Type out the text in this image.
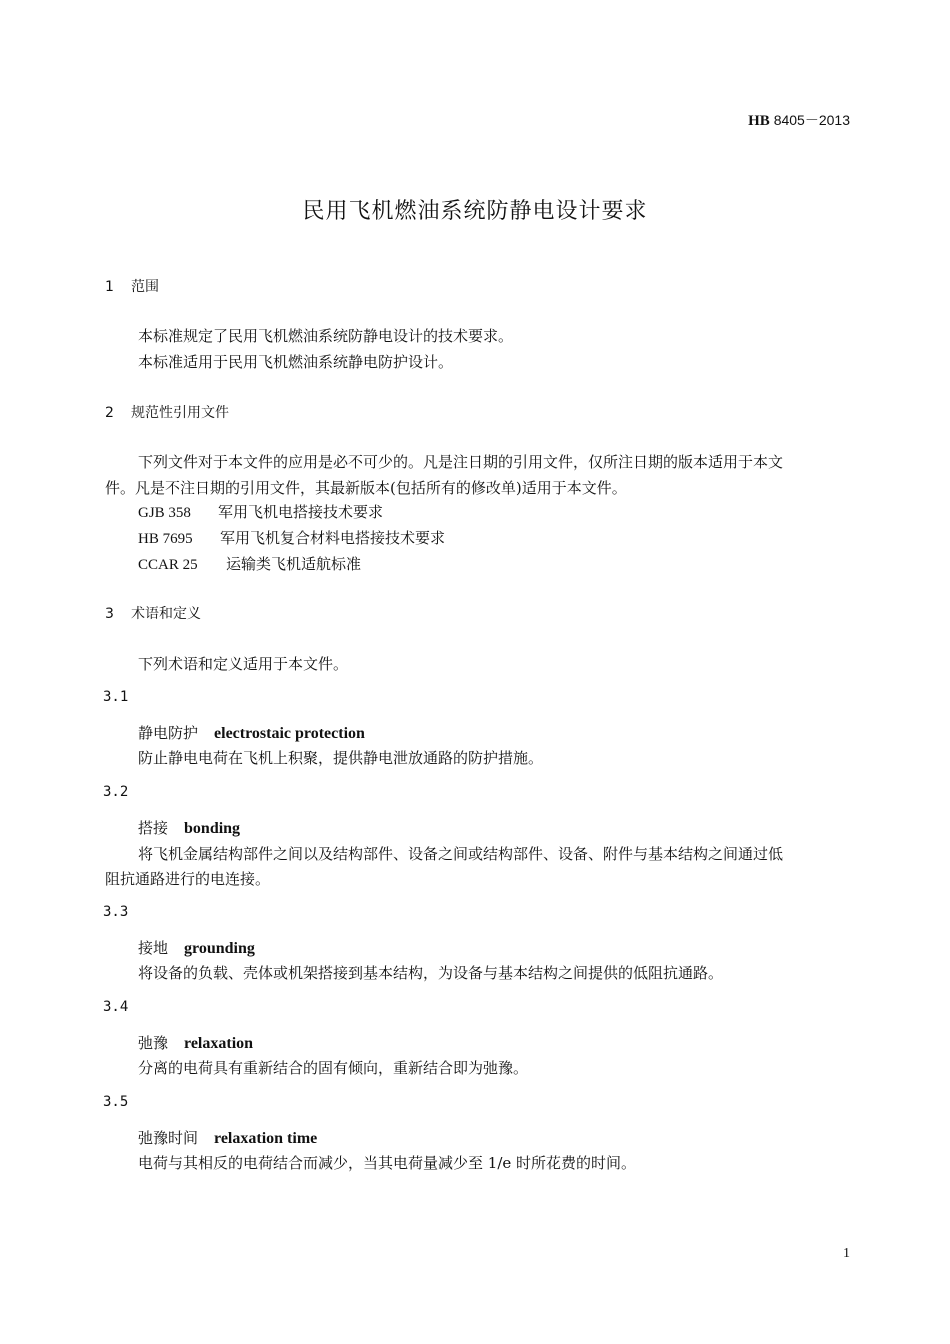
HB 8405－2013
民用飞机燃油系统防静电设计要求
1 范围
本标准规定了民用飞机燃油系统防静电设计的技术要求。
本标准适用于民用飞机燃油系统静电防护设计。
2 规范性引用文件
下列文件对于本文件的应用是必不可少的。凡是注日期的引用文件，仅所注日期的版本适用于本文
件。凡是不注日期的引用文件，其最新版本(包括所有的修改单)适用于本文件。
GJB 358 军用飞机电搭接技术要求
HB 7695 军用飞机复合材料电搭接技术要求
CCAR 25 运输类飞机适航标准
3 术语和定义
下列术语和定义适用于本文件。
3.1
静电防护 electrostaic protection
防止静电电荷在飞机上积聚，提供静电泄放通路的防护措施。
3.2
搭接 bonding
将飞机金属结构部件之间以及结构部件、设备之间或结构部件、设备、附件与基本结构之间通过低
阻抗通路进行的电连接。
3.3
接地 grounding
将设备的负载、壳体或机架搭接到基本结构，为设备与基本结构之间提供的低阻抗通路。
3.4
弛豫 relaxation
分离的电荷具有重新结合的固有倾向，重新结合即为弛豫。
3.5
弛豫时间 relaxation time
电荷与其相反的电荷结合而减少，当其电荷量减少至 1/e 时所花费的时间。
1
